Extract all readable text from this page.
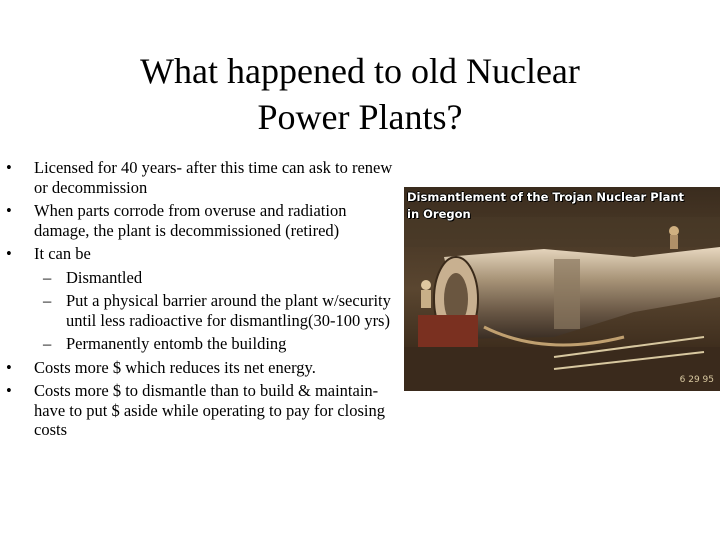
What happened to old Nuclear
Power Plants?
• Licensed for 40 years- after this time can ask to renew or decommission
• When parts corrode from overuse and radiation damage, the plant is decommissioned (retired)
• It can be
– Dismantled
– Put a physical barrier around the plant w/security until less radioactive for dismantling(30-100 yrs)
– Permanently entomb the building
• Costs more $ which reduces its net energy.
• Costs more $ to dismantle than to build & maintain- have to put $ aside while operating to pay for closing costs
Dismantlement of the Trojan Nuclear Plant
in Oregon
6 29 95
